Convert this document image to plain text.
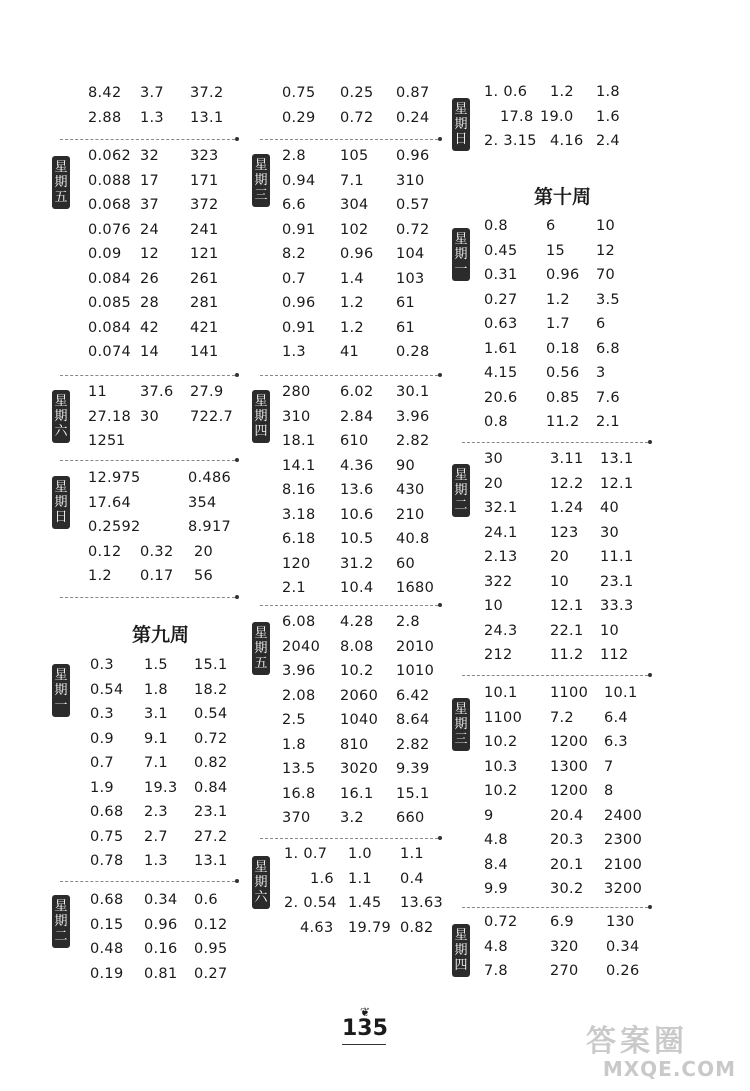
8.42 3.7 37.2
2.88 1.3 13.1
星
期
五
0.062 32 323
0.088 17 171
0.068 37 372
0.076 24 241
0.09 12 121
0.084 26 261
0.085 28 281
0.084 42 421
0.074 14 141
星
期
六
11 37.6 27.9
27.18 30 722.7
125 1
星
期
日
12.975	0.486
17.64	354
0.2592	8.917
0.12 0.32 20
1.2 0.17 56
第九周
星
期
一
0.3 1.5 15.1
0.54 1.8 18.2
0.3 3.1 0.54
0.9 9.1 0.72
0.7 7.1 0.82
1.9 19.3 0.84
0.68 2.3 23.1
0.75 2.7 27.2
0.78 1.3 13.1
星
期
二
0.68 0.34 0.6
0.15 0.96 0.12
0.48 0.16 0.95
0.19 0.81 0.27
0.75 0.25 0.87
0.29 0.72 0.24
星
期
三
2.8 105 0.96
0.94 7.1 310
6.6 304 0.57
0.91 102 0.72
8.2 0.96 104
0.7 1.4 103
0.96 1.2 61
0.91 1.2 61
1.3 41	0.28
星
期
四
280 6.02 30.1
310 2.84 3.96
18.1 610 2.82
14.1 4.36 90
8.16 13.6 430
3.18 10.6 210
6.18 10.5 40.8
120 31.2 60
2.1 10.4 1680
星
期
五
6.08 4.28 2.8
2040 8.08 2010
3.96 10.2 1010
2.08 2060 6.42
2.5 1040 8.64
1.8 810 2.82
13.5 3020 9.39
16.8 16.1 15.1
370 3.2 660
星
期
六
1. 0.7 1.0 1.1
1.6 1.1 0.4
2. 0.54 1.45 13.63
4.63 19.79 0.82
星
期
日
1. 0.6 1.2 1.8
17.8 19.0 1.6
2. 3.15 4.16 2.4
第十周
星
期
一
0.8	6	10
0.45 15 12
0.31 0.96 70
0.27 1.2 3.5
0.63 1.7 6
1.61 0.18 6.8
4.15 0.56 3
20.6 0.85 7.6
0.8	11.2 2.1
星
期
二
30	3.11 13.1
20	12.2 12.1
32.1 1.24 40
24.1 123 30
2.13 20 11.1
322	10 23.1
10	12.1 33.3
24.3 22.1 10
212	11.2 112
星
期
三
10.1 1100 10.1
1100 7.2 6.4
10.2 1200 6.3
10.3 1300 7
10.2 1200 8
9	20.4 2400
4.8	20.3 2300
8.4	20.1 2100
9.9	30.2 3200
星
期
四
0.72 6.9 130
4.8	320 0.34
7.8	270 0.26
❦
135	答案圈
MXQE.COM
